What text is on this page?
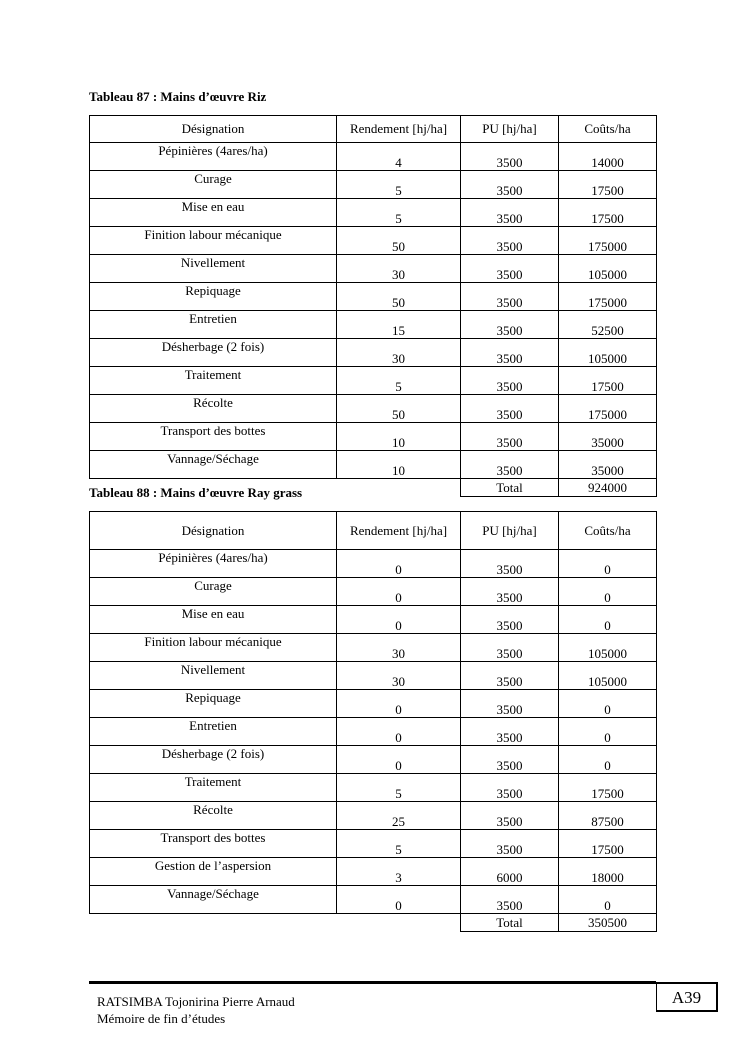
Tableau 87 : Mains d’œuvre Riz
Désignation	Rendement [hj/ha]	PU [hj/ha]	Coûts/ha
Pépinières (4ares/ha)	4	3500	14000
Curage	5	3500	17500
Mise en eau	5	3500	17500
Finition labour mécanique	50	3500	175000
Nivellement	30	3500	105000
Repiquage	50	3500	175000
Entretien	15	3500	52500
Désherbage (2 fois)	30	3500	105000
Traitement	5	3500	17500
Récolte	50	3500	175000
Transport des bottes	10	3500	35000
Vannage/Séchage	10	3500	35000
		Total	924000
Tableau 88 : Mains d’œuvre Ray grass
Désignation	Rendement [hj/ha]	PU [hj/ha]	Coûts/ha
Pépinières (4ares/ha)	0	3500	0
Curage	0	3500	0
Mise en eau	0	3500	0
Finition labour mécanique	30	3500	105000
Nivellement	30	3500	105000
Repiquage	0	3500	0
Entretien	0	3500	0
Désherbage (2 fois)	0	3500	0
Traitement	5	3500	17500
Récolte	25	3500	87500
Transport des bottes	5	3500	17500
Gestion de l’aspersion	3	6000	18000
Vannage/Séchage	0	3500	0
		Total	350500
A39
RATSIMBA Tojonirina Pierre Arnaud
Mémoire de fin d’études
